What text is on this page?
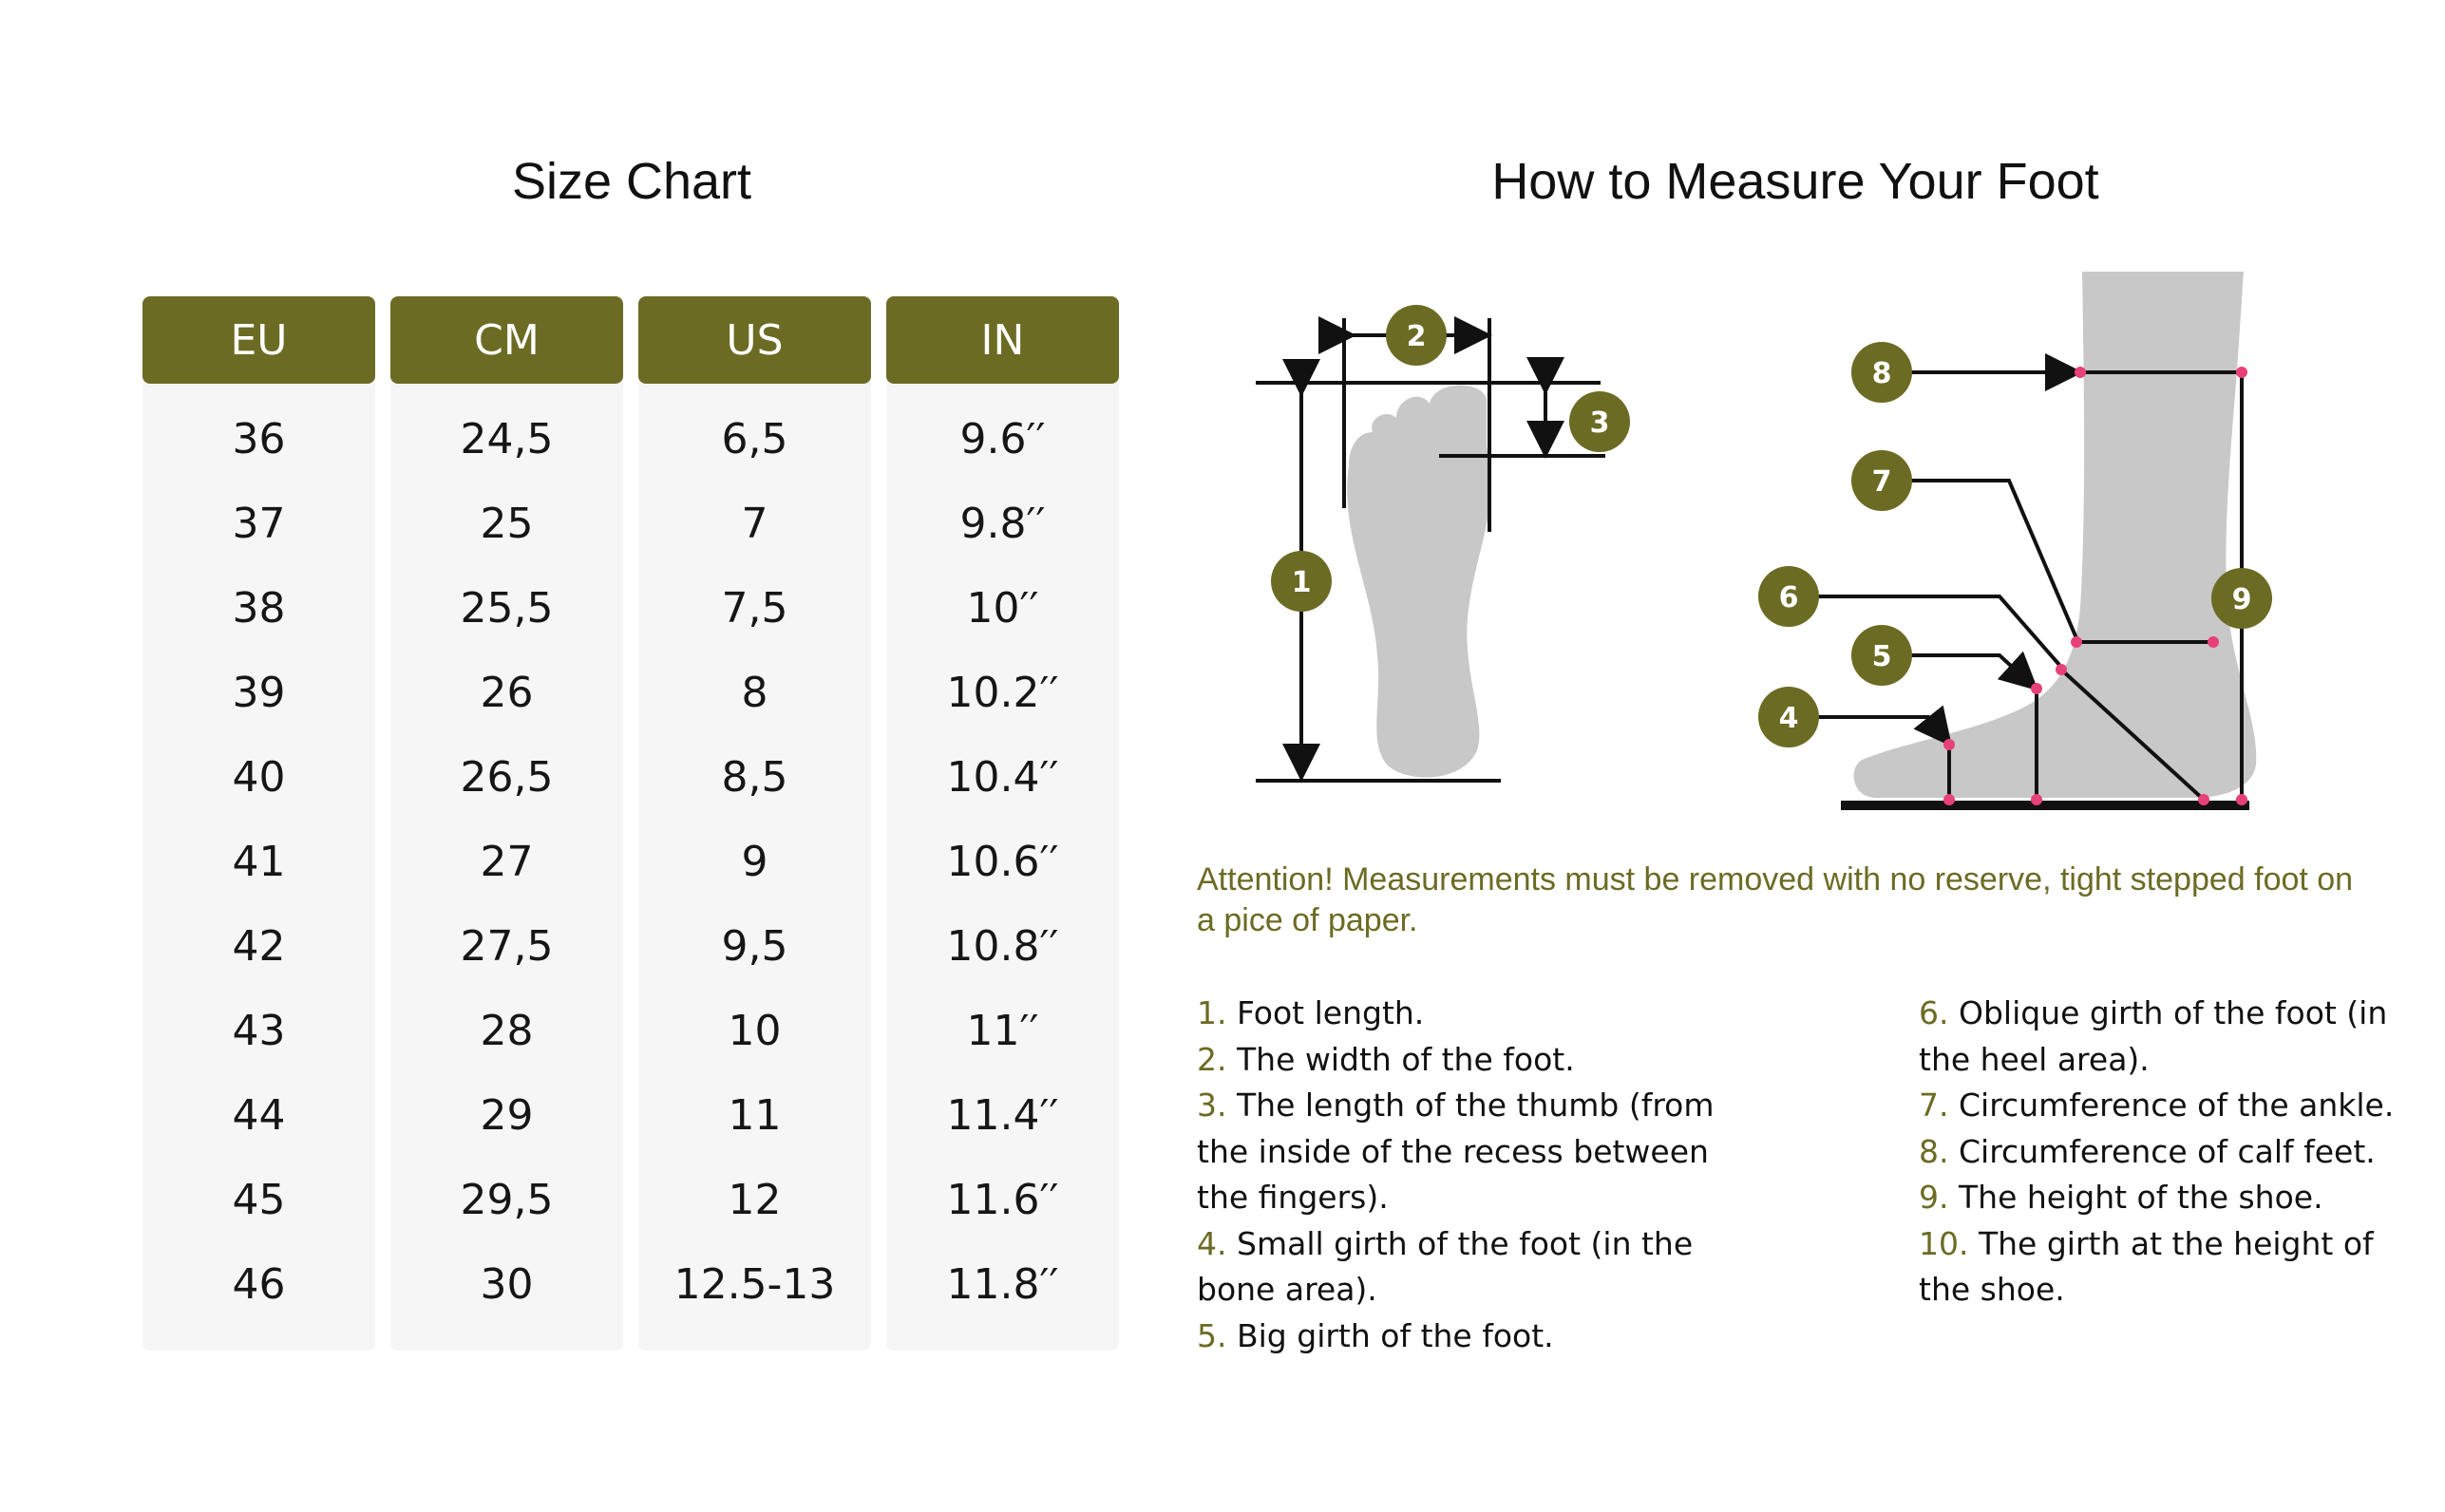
Size Chart	How to Measure Your Foot
EU
36
37
38
39
40
41
42
43
44
45
46
CM
24,5
25
25,5
26
26,5
27
27,5
28
29
29,5
30
US
6,5
7
7,5
8
8,5
9
9,5
10
11
12
12.5-13
IN
9.6′′
9.8′′
10′′
10.2′′
10.4′′
10.6′′
10.8′′
11′′
11.4′′
11.6′′
11.8′′
1
2
3
4
5
6
7
8
9
Attention! Measurements must be removed with no reserve, tight stepped foot on a pice of paper.
1. Foot length.
2. The width of the foot.
3. The length of the thumb (from the inside of the recess between the fingers).
4. Small girth of the foot (in the bone area).
5. Big girth of the foot.
6. Oblique girth of the foot (in the heel area).
7. Circumference of the ankle.
8. Circumference of calf feet.
9. The height of the shoe.
10. The girth at the height of the shoe.
